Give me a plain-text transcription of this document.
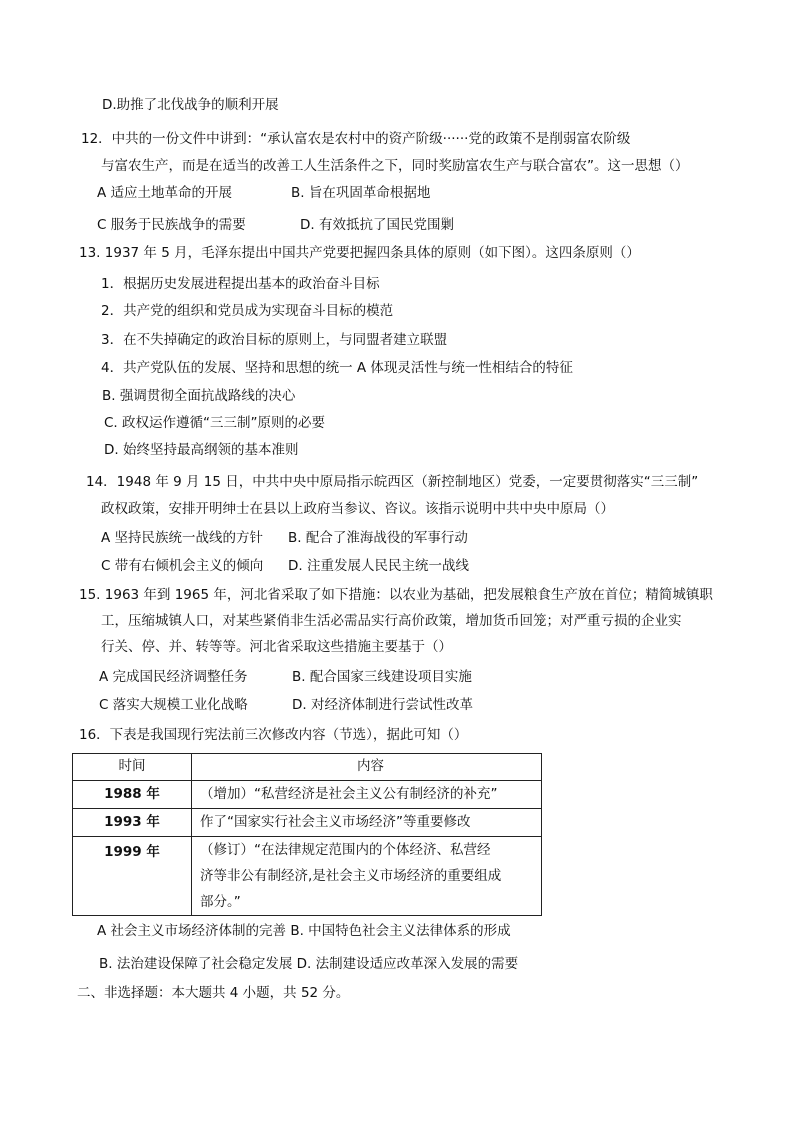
D.助推了北伐战争的顺利开展
12．中共的一份文件中讲到：“承认富农是农村中的资产阶级······党的政策不是削弱富农阶级
与富农生产，而是在适当的改善工人生活条件之下，同时奖励富农生产与联合富农”。这一思想（）
A 适应土地革命的开展	B. 旨在巩固革命根据地
C 服务于民族战争的需要	D. 有效抵抗了国民党围剿
13. 1937 年 5 月，毛泽东提出中国共产党要把握四条具体的原则（如下图）。这四条原则（）
1．根据历史发展进程提出基本的政治奋斗目标
2．共产党的组织和党员成为实现奋斗目标的模范
3．在不失掉确定的政治目标的原则上，与同盟者建立联盟
4．共产党队伍的发展、坚持和思想的统一 A 体现灵活性与统一性相结合的特征
B. 强调贯彻全面抗战路线的决心
C. 政权运作遵循“三三制”原则的必要
D. 始终坚持最高纲领的基本准则
14．1948 年 9 月 15 日，中共中央中原局指示皖西区（新控制地区）党委，一定要贯彻落实“三三制”
政权政策，安排开明绅士在县以上政府当参议、咨议。该指示说明中共中央中原局（）
A 坚持民族统一战线的方针 B. 配合了淮海战役的军事行动
C 带有右倾机会主义的倾向 D. 注重发展人民民主统一战线
15. 1963 年到 1965 年，河北省采取了如下措施：以农业为基础，把发展粮食生产放在首位；精简城镇职
工，压缩城镇人口，对某些紧俏非生活必需品实行高价政策，增加货币回笼；对严重亏损的企业实
行关、停、并、转等等。河北省采取这些措施主要基于（）
A 完成国民经济调整任务	B. 配合国家三线建设项目实施
C 落实大规模工业化战略	D. 对经济体制进行尝试性改革
16．下表是我国现行宪法前三次修改内容（节选），据此可知（）
时间	内容
1988 年	（增加）“私营经济是社会主义公有制经济的补充”
1993 年	作了“国家实行社会主义市场经济”等重要修改
1999 年	（修订）“在法律规定范围内的个体经济、私营经
济等非公有制经济,是社会主义市场经济的重要组成
部分。”
A 社会主义市场经济体制的完善 B. 中国特色社会主义法律体系的形成
B. 法治建设保障了社会稳定发展 D. 法制建设适应改革深入发展的需要
二、非选择题：本大题共 4 小题，共 52 分。
